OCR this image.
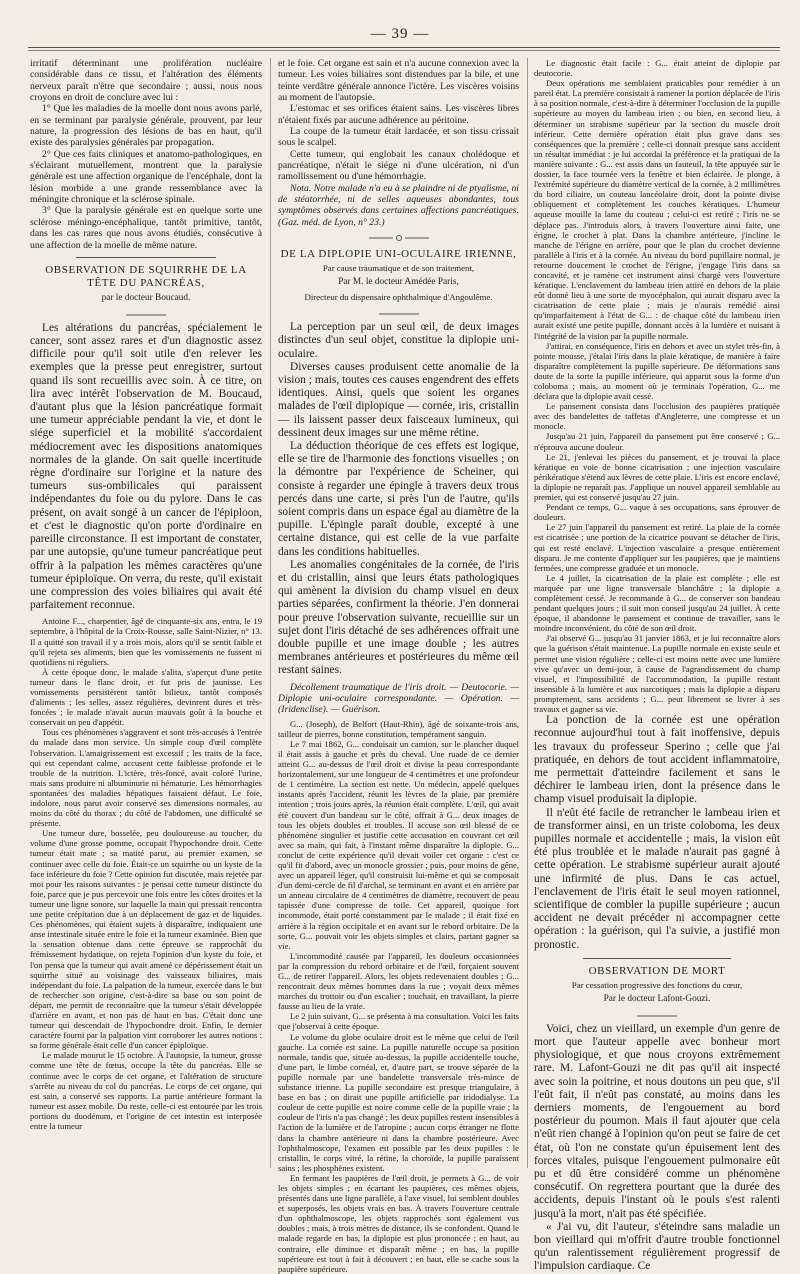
— 39 —

irritatif déterminant une prolifération nucléaire considérable dans ce tissu, et l'altération des éléments nerveux paraît n'être que secondaire ; aussi, nous nous croyons en droit de conclure avec lui :

1° Que les maladies de la moelle dont nous avons parlé, en se terminant par paralysie générale, prouvent, par leur nature, la progression des lésions de bas en haut, qu'il existe des paralysies générales par propagation.

2° Que ces faits cliniques et anatomo-pathologiques, en s'éclairant mutuellement, montrent que la paralysie générale est une affection organique de l'encéphale, dont la lésion morbide a une grande ressemblance avec la méningite chronique et la sclérose spinale.

3° Que la paralysie générale est en quelque sorte une sclérose méningo-encéphalique, tantôt primitive, tantôt, dans les cas rares que nous avons étudiés, consécutive à une affection de la moelle de même nature.

OBSERVATION DE SQUIRRHE DE LA TÊTE DU PANCRÉAS,
par le docteur Boucaud.

Les altérations du pancréas, spécialement le cancer, sont assez rares et d'un diagnostic assez difficile pour qu'il soit utile d'en relever les exemples que la presse peut enregistrer, surtout quand ils sont recueillis avec soin. À ce titre, on lira avec intérêt l'observation de M. Boucaud, d'autant plus que la lésion pancréatique formait une tumeur appréciable pendant la vie, et dont le siége superficiel et la mobilité s'accordaient médiocrement avec les dispositions anatomiques normales de la glande. On sait quelle incertitude règne d'ordinaire sur l'origine et la nature des tumeurs sus-ombilicales qui paraissent indépendantes du foie ou du pylore. Dans le cas présent, on avait songé à un cancer de l'épiploon, et c'est le diagnostic qu'on porte d'ordinaire en pareille circonstance. Il est important de constater, par une autopsie, qu'une tumeur pancréatique peut offrir à la palpation les mêmes caractères qu'une tumeur épiploïque. On verra, du reste, qu'il existait une compression des voies biliaires qui avait été parfaitement reconnue.

Antoine F..., charpentier, âgé de cinquante-six ans, entra, le 19 septembre, à l'hôpital de la Croix-Rousse, salle Saint-Nizier, n° 13. Il a quitté son travail il y a trois mois, alors qu'il se sentit faible et qu'il rejeta ses aliments, bien que les vomissements ne fussent ni quotidiens ni réguliers.

À cette époque donc, le malade s'alita, s'aperçut d'une petite tumeur dans le flanc droit, et fut pris de jaunisse. Les vomissements persistèrent tantôt bilieux, tantôt composés d'aliments ; les selles, assez régulières, devinrent dures et très-foncées ; le malade n'avait aucun mauvais goût à la bouche et conservait un peu d'appétit.

Tous ces phénomènes s'aggravent et sont très-accusés à l'entrée du malade dans mon service. Un simple coup d'œil complète l'observation. L'amaigrissement est excessif ; les traits de la face, qui est cependant calme, accusent cette faiblesse profonde et le trouble de la nutrition. L'ictère, très-foncé, avait coloré l'urine, mais sans produire ni albuminurie ni hématurie. Les hémorrhagies spontanées des maladies hépatiques faisaient défaut. Le foie, indolore, nous parut avoir conservé ses dimensions normales, au moins du côté du thorax ; du côté de l'abdomen, une difficulté se présente.

Une tumeur dure, bosselée, peu douloureuse au toucher, du volume d'une grosse pomme, occupait l'hypochondre droit. Cette tumeur était mate ; sa matité parut, au premier examen, se continuer avec celle du foie. Était-ce un squirrhe ou un kyste de la face inférieure du foie ? Cette opinion fut discutée, mais rejetée par moi pour les raisons suivantes : je pensai cette tumeur distincte du foie, parce que je pus percevoir une fois entre les côtes droites et la tumeur une ligne sonore, sur laquelle la main qui pressait rencontra une petite crépitation due à un déplacement de gaz et de liquides. Ces phénomènes, qui étaient sujets à disparaître, indiquaient une anse intestinale située entre le foie et la tumeur examinée. Bien que la sensation obtenue dans cette épreuve se rapprochât du frémissement hydatique, on rejeta l'opinion d'un kyste du foie, et l'on pensa que la tumeur qui avait amené ce dépérissement était un squirrhe situé au voisinage des vaisseaux biliaires, mais indépendant du foie. La palpation de la tumeur, exercée dans le but de rechercher son origine, c'est-à-dire sa base ou son point de départ, me permit de reconnaître que la tumeur s'était développée d'arrière en avant, et non pas de haut en bas. C'était donc une tumeur qui descendait de l'hypochondre droit. Enfin, le dernier caractère fourni par la palpation vint corroborer les autres notions : sa forme générale était celle d'un cancer épiploïque.

Le malade mourut le 15 octobre. À l'autopsie, la tumeur, grosse comme une tête de fœtus, occupe la tête du pancréas. Elle se continue avec le corps de cet organe, et l'altération de structure s'arrête au niveau du col du pancréas. Le corps de cet organe, qui est sain, a conservé ses rapports. La partie antérieure formant la tumeur est assez mobile. Du reste, celle-ci est entourée par les trois portions du duodénum, et l'origine de cet intestin est interposée entre la tumeur

et le foie. Cet organe est sain et n'a aucune connexion avec la tumeur. Les voies biliaires sont distendues par la bile, et une teinte verdâtre générale annonce l'ictère. Les viscères voisins au moment de l'autopsie.

L'estomac et ses orifices étaient sains. Les viscères libres n'étaient fixés par aucune adhérence au péritoine.

La coupe de la tumeur était lardacée, et son tissu crissait sous le scalpel.

Cette tumeur, qui englobait les canaux cholédoque et pancréatique, n'était le siége ni d'une ulcération, ni d'un ramollissement ou d'une hémorrhagie.

Nota. Notre malade n'a eu à se plaindre ni de ptyalisme, ni de stéatorrhée, ni de selles aqueuses abondantes, tous symptômes observés dans certaines affections pancréatiques. (Gaz. méd. de Lyon, n° 23.)

DE LA DIPLOPIE UNI-OCULAIRE IRIENNE,
Par cause traumatique et de son traitement,
Par M. le docteur Amédée Paris,
Directeur du dispensaire ophthalmique d'Angoulême.

La perception par un seul œil, de deux images distinctes d'un seul objet, constitue la diplopie uni-oculaire.

Diverses causes produisent cette anomalie de la vision ; mais, toutes ces causes engendrent des effets identiques. Ainsi, quels que soient les organes malades de l'œil diplopique — cornée, iris, cristallin — ils laissent passer deux faisceaux lumineux, qui dessinent deux images sur une même rétine.

La déduction théorique de ces effets est logique, elle se tire de l'harmonie des fonctions visuelles ; on la démontre par l'expérience de Scheiner, qui consiste à regarder une épingle à travers deux trous percés dans une carte, si près l'un de l'autre, qu'ils soient compris dans un espace égal au diamètre de la pupille. L'épingle paraît double, excepté à une certaine distance, qui est celle de la vue parfaite dans les conditions habituelles.

Les anomalies congénitales de la cornée, de l'iris et du cristallin, ainsi que leurs états pathologiques qui amènent la division du champ visuel en deux parties séparées, confirment la théorie. J'en donnerai pour preuve l'observation suivante, recueillie sur un sujet dont l'iris détaché de ses adhérences offrait une double pupille et une image double ; les autres membranes antérieures et postérieures du même œil restant saines.

Décollement traumatique de l'iris droit. — Deutocorie. — Diplopie uni-oculaire correspondante. — Opération. — (Iridenclise). — Guérison.

G... (Joseph), de Belfort (Haut-Rhin), âgé de soixante-trois ans, tailleur de pierres, bonne constitution, tempérament sanguin.

Le 7 mai 1862, G... conduisait un camion, sur le plancher duquel il était assis à gauche et près du cheval. Une ruade de ce dernier atteint G... au-dessus de l'œil droit et divise la peau correspondante horizontalement, sur une longueur de 4 centimètres et une profondeur de 1 centimètre. La section est nette. Un médecin, appelé quelques instants après l'accident, réunit les lèvres de la plaie, par première intention ; trois jours après, la réunion était complète. L'œil, qui avait été couvert d'un bandeau sur le côté, offrait à G... deux images de tous les objets doubles et troubles. Il accuse son œil blessé de ce phénomène singulier et justifie cette accusation en couvrant cet œil avec sa main, qui fait, à l'instant même disparaître la diplopie. G... conclut de cette expérience qu'il devait voiler cet organe : c'est ce qu'il fit d'abord, avec un monocle grossier ; puis, pour moins de gêne, avec un appareil léger, qu'il construisit lui-même et qui se composait d'un demi-cercle de fil d'archal, se terminant en avant et en arrière par un anneau circulaire de 4 centimètres de diamètre, recouvert de peau tapissée d'une compresse de toile. Cet appareil, quoique fort incommode, était porté constamment par le malade ; il était fixé en arrière à la région occipitale et en avant sur le rebord orbitaire. De la sorte, G... pouvait voir les objets simples et clairs, partant gagner sa vie.

L'incommodité causée par l'appareil, les douleurs occasionnées par la compression du rebord orbitaire et de l'œil, forçaient souvent G... de retirer l'appareil. Alors, les objets redevenaient doubles ; G... rencontrait deux mêmes hommes dans la rue ; voyait deux mêmes marches du trottoir ou d'un escalier ; touchait, en travaillant, la pierre fausse au lieu de la vraie.

Le 2 juin suivant, G... se présenta à ma consultation. Voici les faits que j'observai à cette époque.

Le volume du globe oculaire droit est le même que celui de l'œil gauche. La cornée est saine. La pupille naturelle occupe sa position normale, tandis que, située au-dessus, la pupille accidentelle touche, d'une part, le limbe cornéal, et, d'autre part, se trouve séparée de la pupille normale par une bandelette transversale très-mince de substance irienne. La pupille secondaire est presque triangulaire, à base en bas ; on dirait une pupille artificielle par iridodialyse. La couleur de cette pupille est noire comme celle de la pupille vraie ; la couleur de l'iris n'a pas changé ; les deux pupilles restent insensibles à l'action de la lumière et de l'atropine ; aucun corps étranger ne flotte dans la chambre antérieure ni dans la chambre postérieure. Avec l'ophthalmoscope, l'examen est possible par les deux pupilles : le cristallin, le corps vitré, la rétine, la choroïde, la pupille paraissent sains ; les phosphènes existent.

En fermant les paupières de l'œil droit, je permets à G... de voir les objets simples ; en écartant les paupières, ces mêmes objets, présentés dans une ligne parallèle, à l'axe visuel, lui semblent doubles et superposés, les objets vrais en bas. À travers l'ouverture centrale d'un ophthalmoscope, les objets rapprochés sont également vus doubles ; mais, à trois mètres de distance, ils se confondent. Quand le malade regarde en bas, la diplopie est plus prononcée ; en haut, au contraire, elle diminue et disparaît même ; en bas, la pupille supérieure est tout à fait à découvert ; en haut, elle se cache sous la paupière supérieure.

Le diagnostic était facile : G... était atteint de diplopie par deutocorie.

Deux opérations me semblaient praticables pour remédier à un pareil état. La première consistait à ramener la portion déplacée de l'iris à sa position normale, c'est-à-dire à déterminer l'occlusion de la pupille supérieure au moyen du lambeau irien ; ou bien, en second lieu, à déterminer un strabisme supérieur par la section du muscle droit inférieur. Cette dernière opération était plus grave dans ses conséquences que la première ; celle-ci donnait presque sans accident un résultat immédiat : je lui accordai la préférence et la pratiquai de la manière suivante : G... est assis dans un fauteuil, la tête appuyée sur le dossier, la face tournée vers la fenêtre et bien éclairée. Je plonge, à l'extrémité supérieure du diamètre vertical de la cornée, à 2 millimètres du bord ciliaire, un couteau lancéolaire droit, dont la pointe divise obliquement et complètement les couches kératiques. L'humeur aqueuse mouille la lame du couteau ; celui-ci est retiré ; l'iris ne se déplace pas. J'introduis alors, à travers l'ouverture ainsi faite, une érigne, le crochet à plat. Dans la chambre antérieure, j'incline le manche de l'érigne en arrière, pour que le plan du crochet devienne parallèle à l'iris et à la cornée. Au niveau du bord pupillaire normal, je retourne doucement le crochet de l'érigne, j'engage l'iris dans sa concavité, et je ramène cet instrument ainsi chargé vers l'ouverture kératique. L'enclavement du lambeau irien attiré en dehors de la plaie eût donné lieu à une sorte de myocéphalon, qui aurait disparu avec la cicatrisation de cette plaie ; mais je n'aurais remédié ainsi qu'imparfaitement à l'état de G... : de chaque côté du lambeau irien aurait existé une petite pupille, donnant accès à la lumière et nuisant à l'intégrité de la vision par la pupille normale.

J'attirai, en conséquence, l'iris en dehors et avec un stylet très-fin, à pointe mousse, j'étalai l'iris dans la plaie kératique, de manière à faire disparaître complètement la pupille supérieure. De déformations sans doute de la sorte la pupille inférieure, qui apparut sous la forme d'un coloboma ; mais, au moment où je terminais l'opération, G... me déclara que la diplopie avait cessé.

Le pansement consista dans l'occlusion des paupières pratiquée avec des bandelettes de taffetas d'Angleterre, une compresse et un monocle.

Jusqu'au 21 juin, l'appareil du pansement put être conservé ; G... n'éprouva aucune douleur.

Le 21, j'enlevai les pièces du pansement, et je trouvai la place kératique en voie de bonne cicatrisation ; une injection vasculaire périkératique s'étend aux lèvres de cette plaie. L'iris est encore enclavé, la diplopie ne reparaît pas. J'applique un nouvel appareil semblable au premier, qui est conservé jusqu'au 27 juin.

Pendant ce temps, G... vaque à ses occupations, sans éprouver de douleurs.

Le 27 juin l'appareil du pansement est retiré. La plaie de la cornée est cicatrisée ; une portion de la cicatrice pouvant se détacher de l'iris, qui est resté enclavé. L'injection vasculaire a presque entièrement disparu. Je me contente d'appliquer sur les paupières, que je maintiens fermées, une compresse graduée et un monocle.

Le 4 juillet, la cicatrisation de la plaie est complète ; elle est marquée par une ligne transversale blanchâtre ; la diplopie a complètement cessé. Je recommande à G... de conserver son bandeau pendant quelques jours ; il suit mon conseil jusqu'au 24 juillet. À cette époque, il abandonne le pansement et continue de travailler, sans le moindre inconvénient, du côté de son œil droit.

J'ai observé G... jusqu'au 31 janvier 1863, et je lui reconnaître alors que la guérison s'était maintenue. La pupille normale en existe seule et permet une vision régulière ; celle-ci est moins nette avec une lumière vive qu'avec un demi-jour, à cause de l'agrandissement du champ visuel, et l'impossibilité de l'accommodation, la pupille restant insensible à la lumière et aux narcotiques ; mais la diplopie a disparu promptement, sans accidents ; G... peut librement se livrer à ses travaux et gagner sa vie.

La ponction de la cornée est une opération reconnue aujourd'hui tout à fait inoffensive, depuis les travaux du professeur Sperino ; celle que j'ai pratiquée, en dehors de tout accident inflammatoire, me permettait d'atteindre facilement et sans le déchirer le lambeau irien, dont la présence dans le champ visuel produisait la diplopie.

Il n'eût été facile de retrancher le lambeau irien et de transformer ainsi, en un triste coloboma, les deux pupilles normale et accidentelle ; mais, la vision eût été plus troublée et le malade n'aurait pas gagné à cette opération. Le strabisme supérieur aurait ajouté une infirmité de plus. Dans le cas actuel, l'enclavement de l'iris était le seul moyen rationnel, scientifique de combler la pupille supérieure ; aucun accident ne devait précéder ni accompagner cette opération : la guérison, qui l'a suivie, a justifié mon pronostic.

OBSERVATION DE MORT
Par cessation progressive des fonctions du cœur,
Par le docteur Lafont-Gouzi.

Voici, chez un vieillard, un exemple d'un genre de mort que l'auteur appelle avec bonheur mort physiologique, et que nous croyons extrêmement rare. M. Lafont-Gouzi ne dit pas qu'il ait inspecté avec soin la poitrine, et nous doutons un peu que, s'il l'eût fait, il n'eût pas constaté, au moins dans les derniers moments, de l'engouement au bord postérieur du poumon. Mais il faut ajouter que cela n'eût rien changé à l'opinion qu'on peut se faire de cet état, où l'on ne constate qu'un épuisement lent des forces vitales, puisque l'engouement pulmonaire eût pu et dû être considéré comme un phénomène consécutif. On regrettera pourtant que la durée des accidents, depuis l'instant où le pouls s'est ralenti jusqu'à la mort, n'ait pas été spécifiée.

« J'ai vu, dit l'auteur, s'éteindre sans maladie un bon vieillard qui m'offrit d'autre trouble fonctionnel qu'un ralentissement régulièrement progressif de l'impulsion cardiaque. Ce
